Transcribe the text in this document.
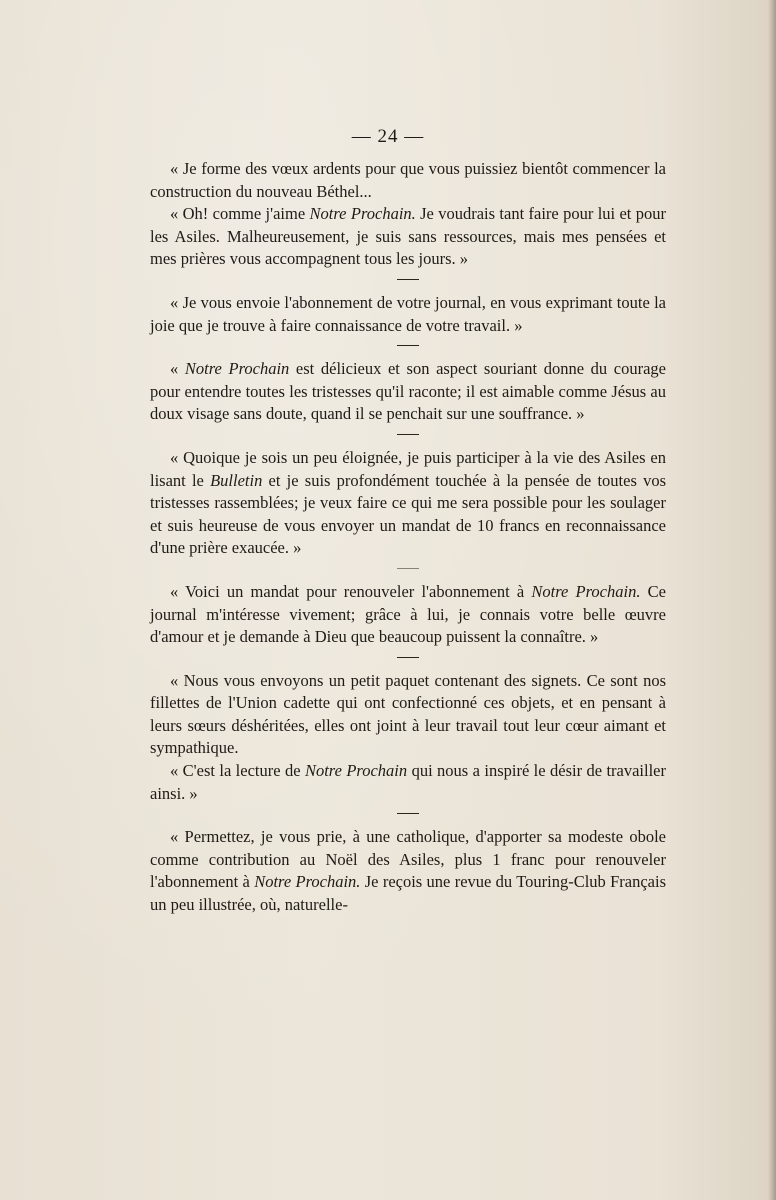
— 24 —

« Je forme des vœux ardents pour que vous puissiez bientôt commencer la construction du nouveau Béthel...

« Oh! comme j'aime Notre Prochain. Je voudrais tant faire pour lui et pour les Asiles. Malheureusement, je suis sans ressources, mais mes pensées et mes prières vous accompagnent tous les jours. »

« Je vous envoie l'abonnement de votre journal, en vous exprimant toute la joie que je trouve à faire connaissance de votre travail. »

« Notre Prochain est délicieux et son aspect souriant donne du courage pour entendre toutes les tristesses qu'il raconte; il est aimable comme Jésus au doux visage sans doute, quand il se penchait sur une souffrance. »

« Quoique je sois un peu éloignée, je puis participer à la vie des Asiles en lisant le Bulletin et je suis profondément touchée à la pensée de toutes vos tristesses rassemblées; je veux faire ce qui me sera possible pour les soulager et suis heureuse de vous envoyer un mandat de 10 francs en reconnaissance d'une prière exaucée. »

« Voici un mandat pour renouveler l'abonnement à Notre Prochain. Ce journal m'intéresse vivement; grâce à lui, je connais votre belle œuvre d'amour et je demande à Dieu que beaucoup puissent la connaître. »

« Nous vous envoyons un petit paquet contenant des signets. Ce sont nos fillettes de l'Union cadette qui ont confectionné ces objets, et en pensant à leurs sœurs déshéritées, elles ont joint à leur travail tout leur cœur aimant et sympathique.

« C'est la lecture de Notre Prochain qui nous a inspiré le désir de travailler ainsi. »

« Permettez, je vous prie, à une catholique, d'apporter sa modeste obole comme contribution au Noël des Asiles, plus 1 franc pour renouveler l'abonnement à Notre Prochain. Je reçois une revue du Touring-Club Français un peu illustrée, où, naturelle-
